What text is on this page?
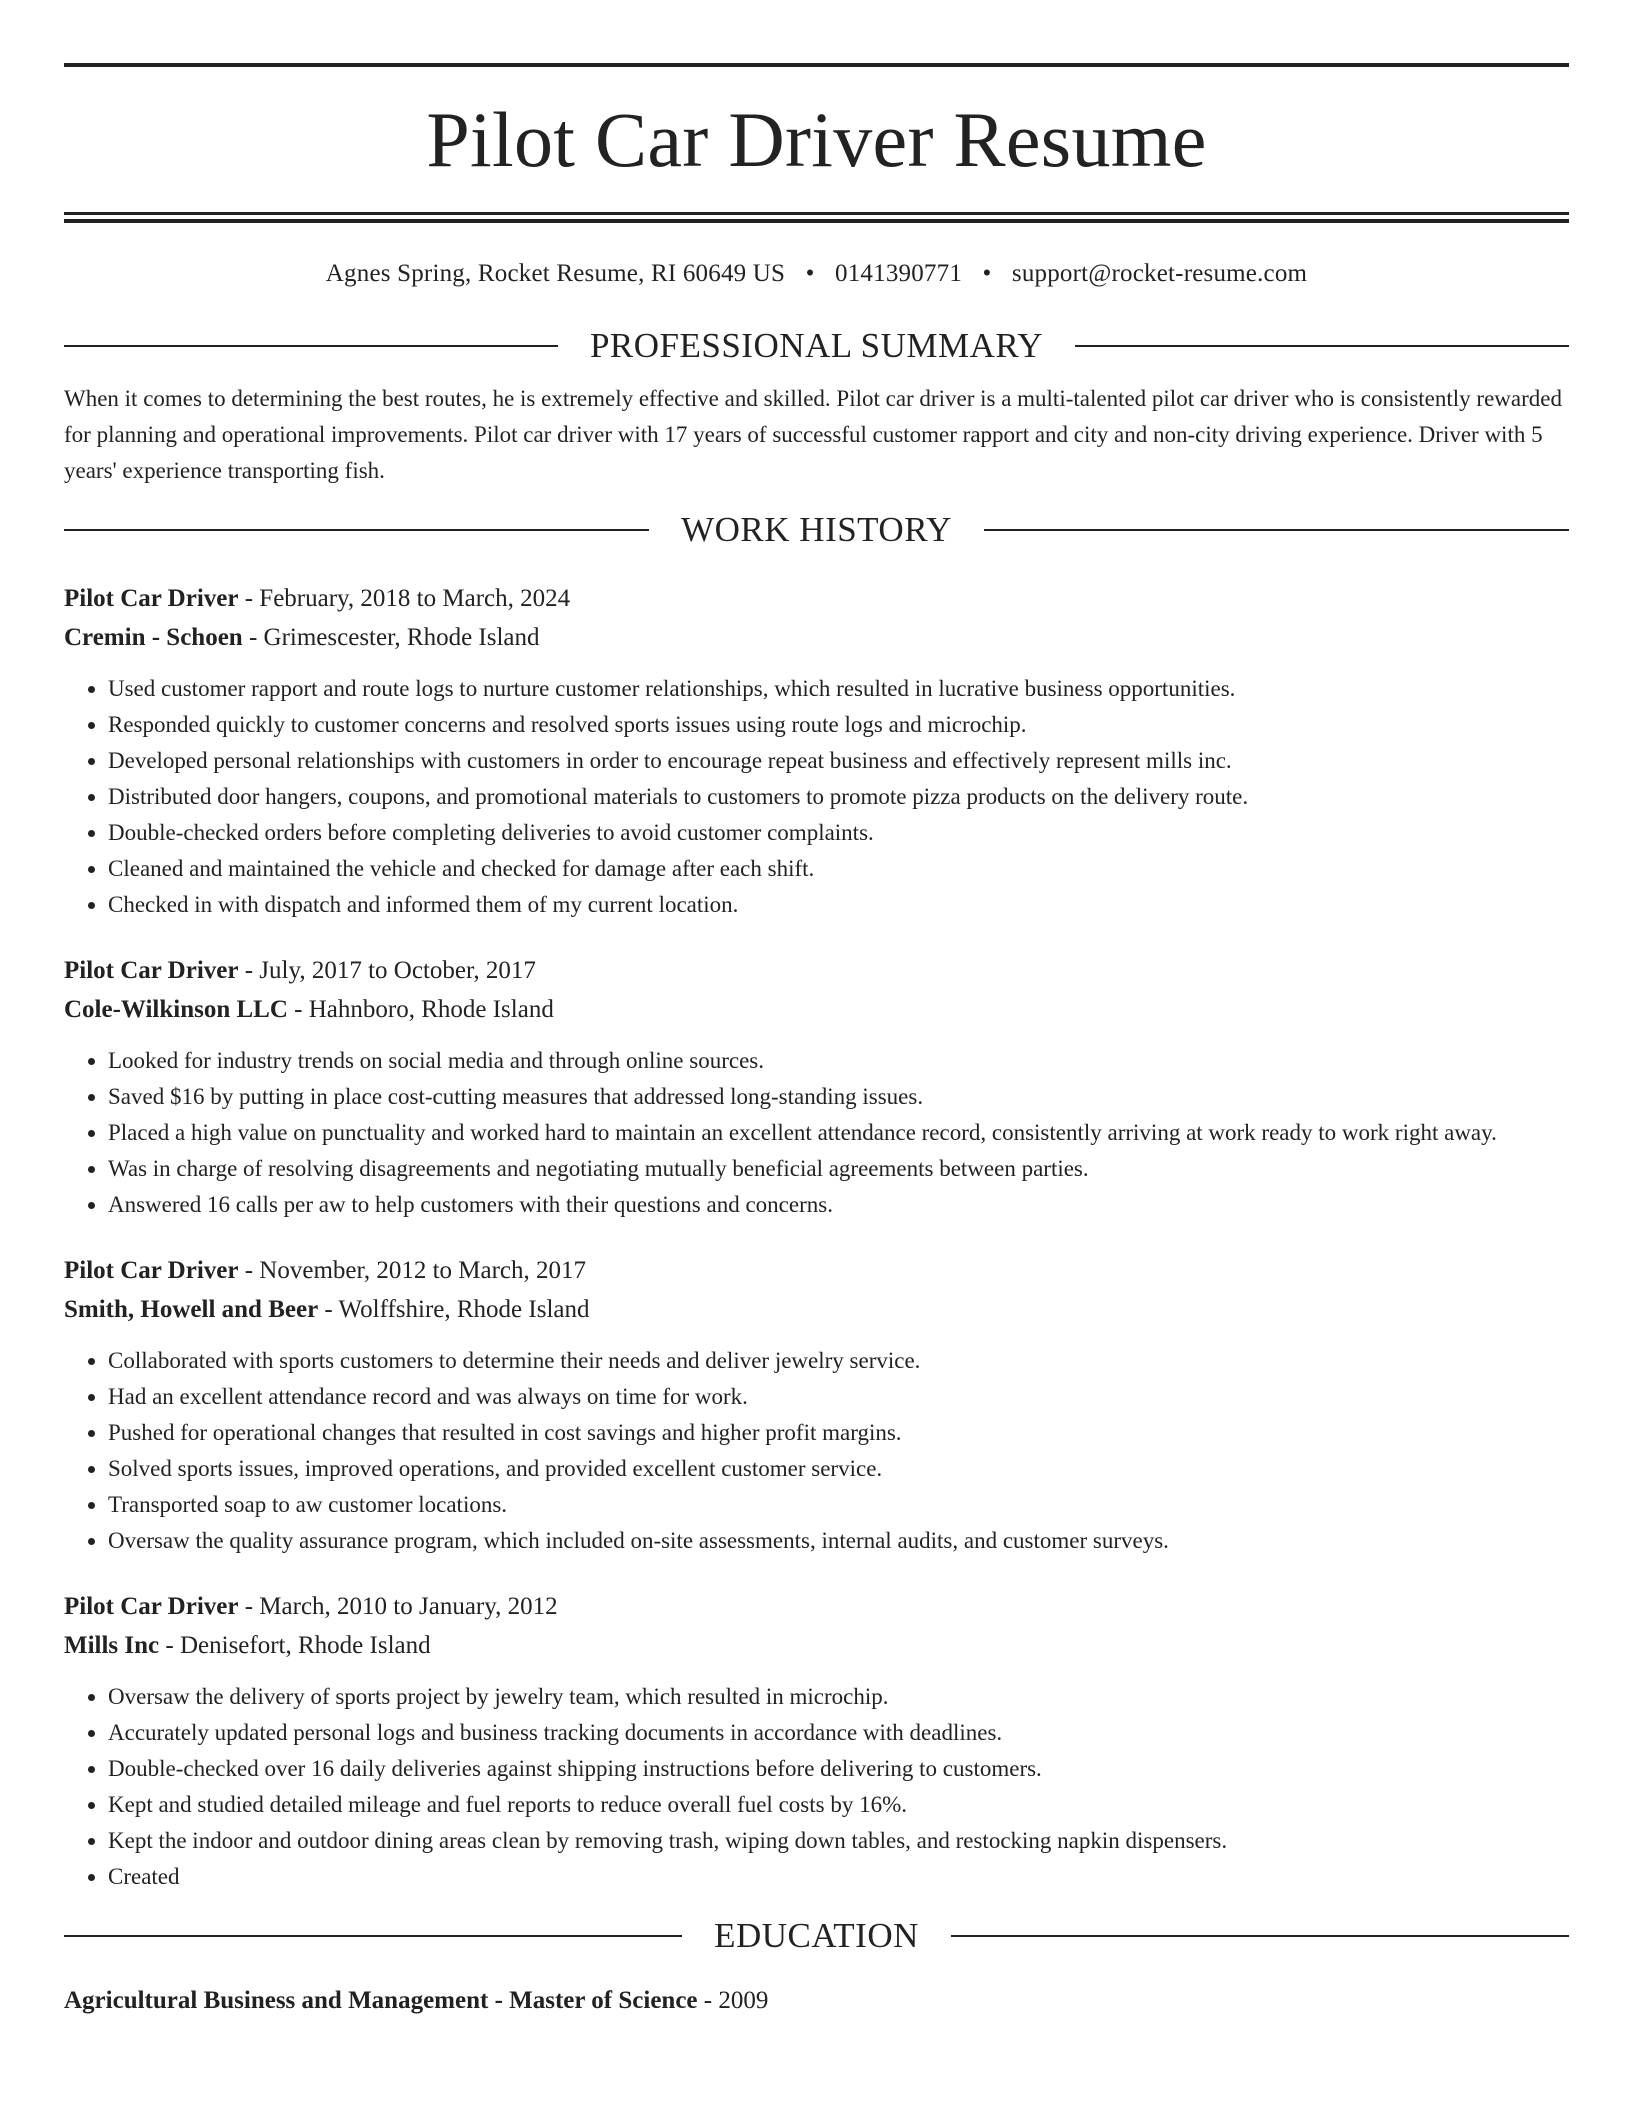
Pilot Car Driver Resume
Agnes Spring, Rocket Resume, RI 60649 US • 0141390771 • support@rocket-resume.com
PROFESSIONAL SUMMARY
When it comes to determining the best routes, he is extremely effective and skilled. Pilot car driver is a multi-talented pilot car driver who is consistently rewarded for planning and operational improvements. Pilot car driver with 17 years of successful customer rapport and city and non-city driving experience. Driver with 5 years' experience transporting fish.
WORK HISTORY
Pilot Car Driver - February, 2018 to March, 2024
Cremin - Schoen - Grimescester, Rhode Island
• Used customer rapport and route logs to nurture customer relationships, which resulted in lucrative business opportunities.
• Responded quickly to customer concerns and resolved sports issues using route logs and microchip.
• Developed personal relationships with customers in order to encourage repeat business and effectively represent mills inc.
• Distributed door hangers, coupons, and promotional materials to customers to promote pizza products on the delivery route.
• Double-checked orders before completing deliveries to avoid customer complaints.
• Cleaned and maintained the vehicle and checked for damage after each shift.
• Checked in with dispatch and informed them of my current location.
Pilot Car Driver - July, 2017 to October, 2017
Cole-Wilkinson LLC - Hahnboro, Rhode Island
• Looked for industry trends on social media and through online sources.
• Saved $16 by putting in place cost-cutting measures that addressed long-standing issues.
• Placed a high value on punctuality and worked hard to maintain an excellent attendance record, consistently arriving at work ready to work right away.
• Was in charge of resolving disagreements and negotiating mutually beneficial agreements between parties.
• Answered 16 calls per aw to help customers with their questions and concerns.
Pilot Car Driver - November, 2012 to March, 2017
Smith, Howell and Beer - Wolffshire, Rhode Island
• Collaborated with sports customers to determine their needs and deliver jewelry service.
• Had an excellent attendance record and was always on time for work.
• Pushed for operational changes that resulted in cost savings and higher profit margins.
• Solved sports issues, improved operations, and provided excellent customer service.
• Transported soap to aw customer locations.
• Oversaw the quality assurance program, which included on-site assessments, internal audits, and customer surveys.
Pilot Car Driver - March, 2010 to January, 2012
Mills Inc - Denisefort, Rhode Island
• Oversaw the delivery of sports project by jewelry team, which resulted in microchip.
• Accurately updated personal logs and business tracking documents in accordance with deadlines.
• Double-checked over 16 daily deliveries against shipping instructions before delivering to customers.
• Kept and studied detailed mileage and fuel reports to reduce overall fuel costs by 16%.
• Kept the indoor and outdoor dining areas clean by removing trash, wiping down tables, and restocking napkin dispensers.
• Created
EDUCATION
Agricultural Business and Management - Master of Science - 2009
